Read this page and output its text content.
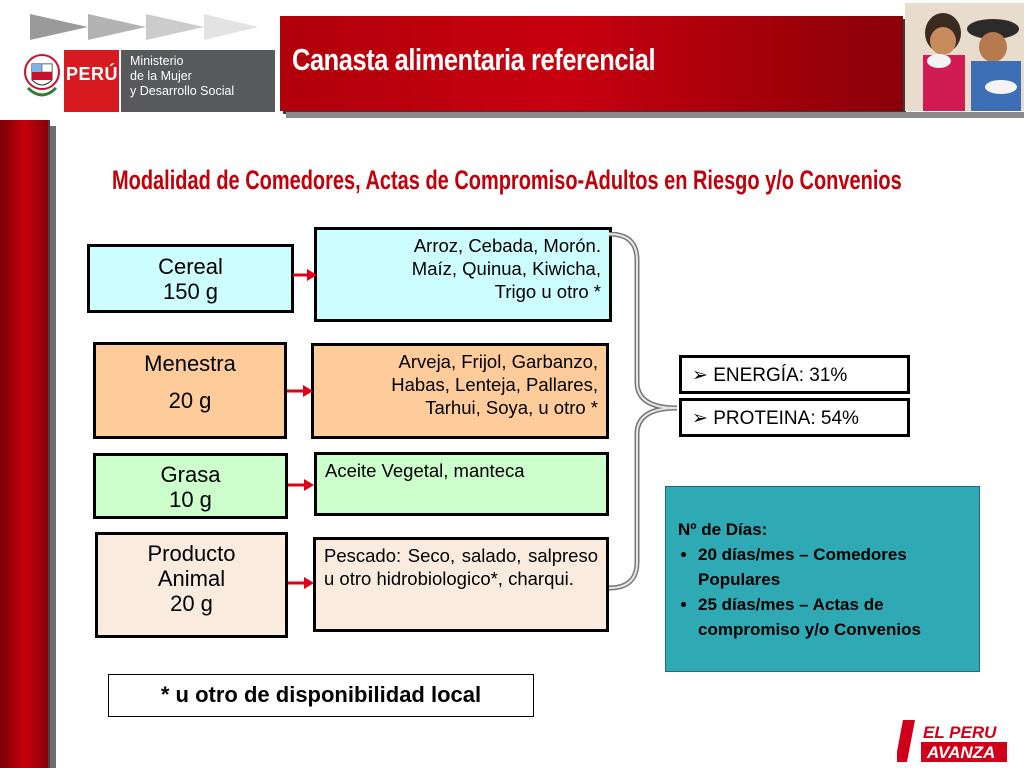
PERÚ
Ministerio
de la Mujer
y Desarrollo Social
Canasta alimentaria referencial
Modalidad de Comedores, Actas de Compromiso-Adultos en Riesgo y/o Convenios
Cereal
150 g
Arroz, Cebada, Morón.
Maíz, Quinua, Kiwicha,
Trigo u otro *
Menestra
20 g
Arveja, Frijol, Garbanzo,
Habas, Lenteja, Pallares,
Tarhui, Soya, u otro *
Grasa
10 g
Aceite Vegetal, manteca
Producto
Animal
20 g
Pescado: Seco, salado, salpreso u otro hidrobiologico*, charqui.
➢ ENERGÍA: 31%
➢ PROTEINA: 54%
Nº de Días:
• 20 días/mes – Comedores Populares
• 25 días/mes – Actas de compromiso y/o Convenios
* u otro de disponibilidad local
EL PERU
AVANZA
